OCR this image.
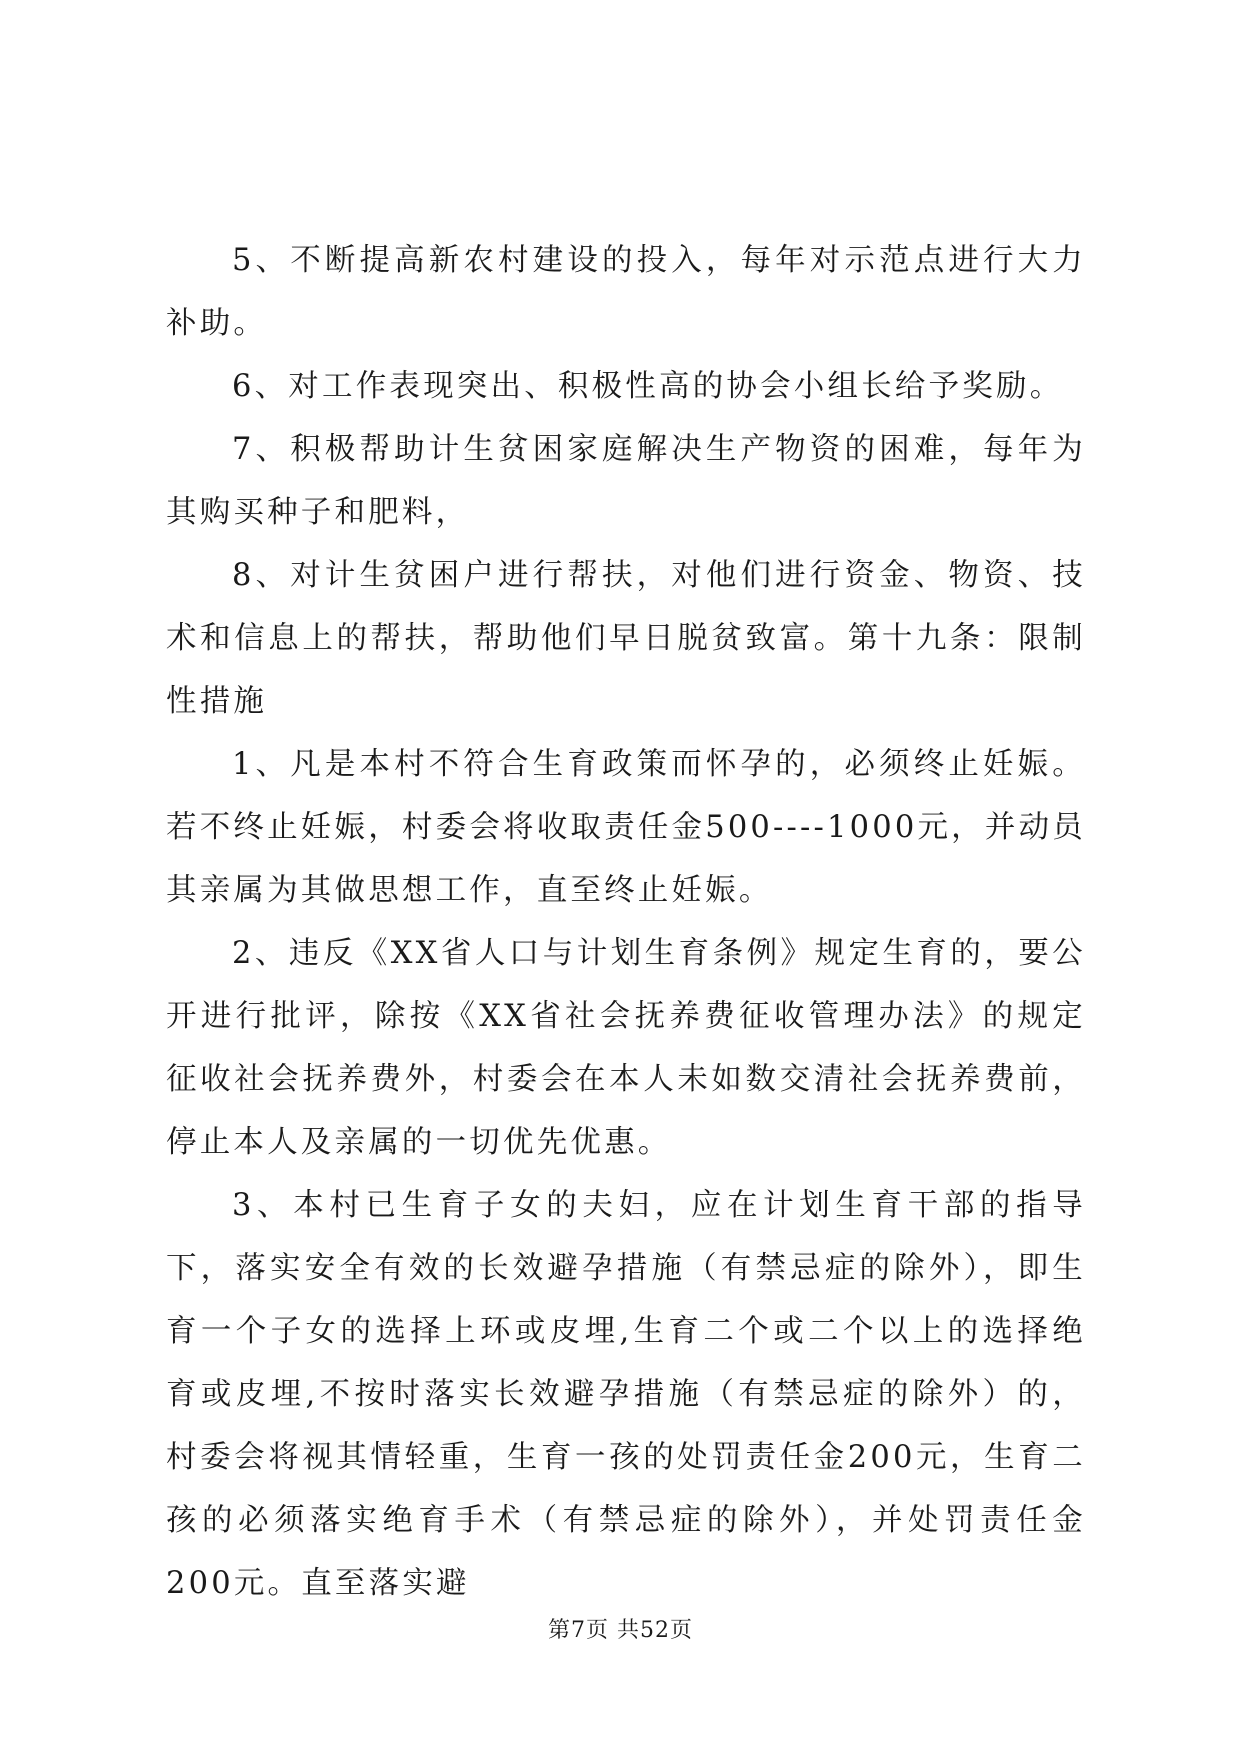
5、不断提高新农村建设的投入，每年对示范点进行大力补助。

6、对工作表现突出、积极性高的协会小组长给予奖励。

7、积极帮助计生贫困家庭解决生产物资的困难，每年为其购买种子和肥料，

8、对计生贫困户进行帮扶，对他们进行资金、物资、技术和信息上的帮扶，帮助他们早日脱贫致富。第十九条：限制性措施

1、凡是本村不符合生育政策而怀孕的，必须终止妊娠。若不终止妊娠，村委会将收取责任金500----1000元，并动员其亲属为其做思想工作，直至终止妊娠。

2、违反《XX省人口与计划生育条例》规定生育的，要公开进行批评，除按《XX省社会抚养费征收管理办法》的规定征收社会抚养费外，村委会在本人未如数交清社会抚养费前，停止本人及亲属的一切优先优惠。

3、本村已生育子女的夫妇，应在计划生育干部的指导下，落实安全有效的长效避孕措施（有禁忌症的除外），即生育一个子女的选择上环或皮埋,生育二个或二个以上的选择绝育或皮埋,不按时落实长效避孕措施（有禁忌症的除外）的，村委会将视其情轻重，生育一孩的处罚责任金200元，生育二孩的必须落实绝育手术（有禁忌症的除外），并处罚责任金200元。直至落实避

第7页 共52页
